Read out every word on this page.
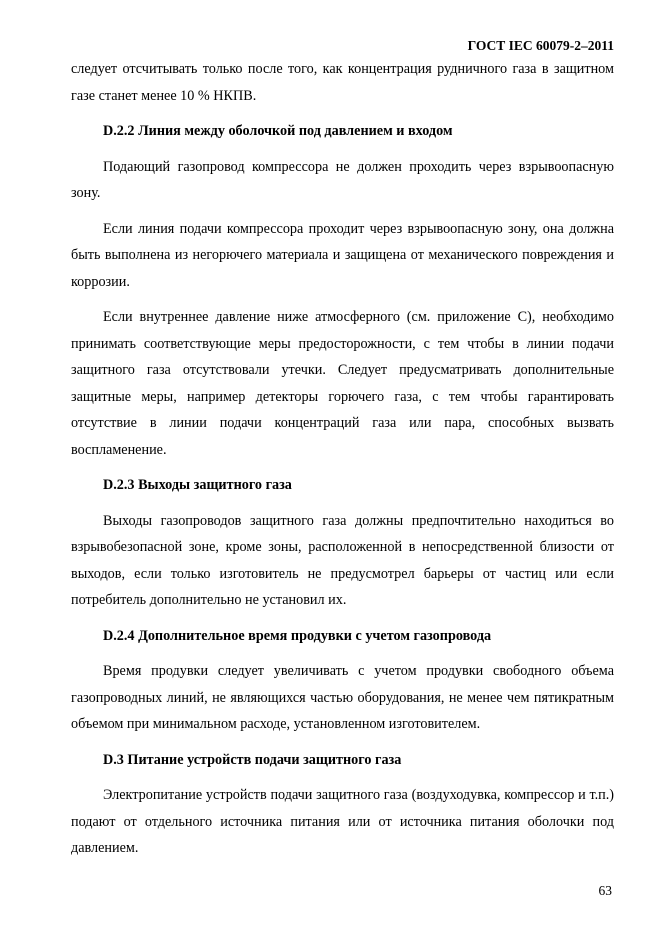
ГОСТ IEC 60079-2–2011

следует отсчитывать только после того, как концентрация рудничного газа в защитном газе станет менее 10 % НКПВ.

D.2.2 Линия между оболочкой под давлением и входом

Подающий газопровод компрессора не должен проходить через взрывоопасную зону.

Если линия подачи компрессора проходит через взрывоопасную зону, она должна быть выполнена из негорючего материала и защищена от механического повреждения и коррозии.

Если внутреннее давление ниже атмосферного (см. приложение С), необходимо принимать соответствующие меры предосторожности, с тем чтобы в линии подачи защитного газа отсутствовали утечки. Следует предусматривать дополнительные защитные меры, например детекторы горючего газа, с тем чтобы гарантировать отсутствие в линии подачи концентраций газа или пара, способных вызвать воспламенение.

D.2.3 Выходы защитного газа

Выходы газопроводов защитного газа должны предпочтительно находиться во взрывобезопасной зоне, кроме зоны, расположенной в непосредственной близости от выходов, если только изготовитель не предусмотрел барьеры от частиц или если потребитель дополнительно не установил их.

D.2.4 Дополнительное время продувки с учетом газопровода

Время продувки следует увеличивать с учетом продувки свободного объема газопроводных линий, не являющихся частью оборудования, не менее чем пятикратным объемом при минимальном расходе, установленном изготовителем.

D.3 Питание устройств подачи защитного газа

Электропитание устройств подачи защитного газа (воздуходувка, компрессор и т.п.) подают от отдельного источника питания или от источника питания оболочки под давлением.

63
